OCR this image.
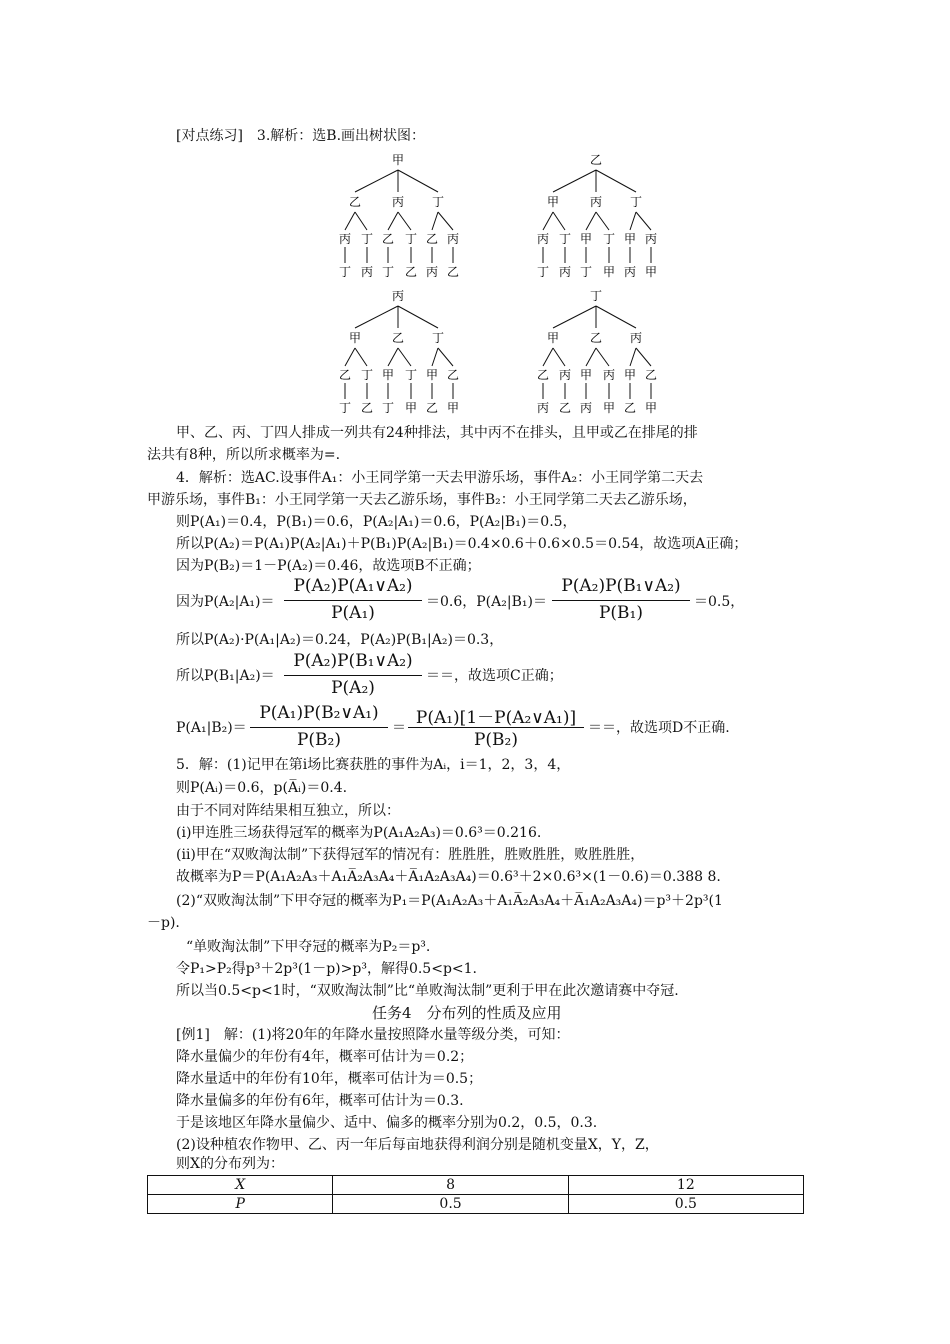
[对点练习]　3.解析：选B.画出树状图：
甲
乙	丙 丁
丙
丁
丁
丙
乙
丁
丁
乙
乙
丙
丙
乙
乙
甲	丙 丁
丙
丁
丁
丙
甲
丁
丁
甲
甲
丙
丙
甲
丙
甲	乙 丁
乙
丁
丁
乙
甲
丁
丁
甲
甲
乙
乙
甲
丁
甲	乙 丙
乙
丙
丙
乙
甲
丙
丙
甲
甲
乙
乙
甲
甲、乙、丙、丁四人排成一列共有24种排法，其中丙不在排头，且甲或乙在排尾的排
法共有8种，所以所求概率为=.
4．解析：选AC.设事件A₁：小王同学第一天去甲游乐场，事件A₂：小王同学第二天去
甲游乐场，事件B₁：小王同学第一天去乙游乐场，事件B₂：小王同学第二天去乙游乐场，
则P(A₁)＝0.4，P(B₁)＝0.6，P(A₂|A₁)＝0.6，P(A₂|B₁)＝0.5，
所以P(A₂)＝P(A₁)P(A₂|A₁)＋P(B₁)P(A₂|B₁)＝0.4×0.6＋0.6×0.5＝0.54，故选项A正确；
因为P(B₂)＝1－P(A₂)＝0.46，故选项B不正确；
因为P(A₂|A₁)＝
P(A₂)P(A₁∨A₂)
P(A₁)
＝0.6，P(A₂|B₁)＝
P(A₂)P(B₁∨A₂)
P(B₁)
＝0.5，
所以P(A₂)·P(A₁|A₂)＝0.24，P(A₂)P(B₁|A₂)＝0.3，
所以P(B₁|A₂)＝
P(A₂)P(B₁∨A₂)
P(A₂)
＝＝，故选项C正确；
P(A₁|B₂)＝
P(A₁)P(B₂∨A₁)
P(B₂)
＝ P(A₁)[1－P(A₂∨A₁)]
P(B₂)
＝＝，故选项D不正确.
5．解：(1)记甲在第i场比赛获胜的事件为Aᵢ，i＝1，2，3，4，
则P(Aᵢ)＝0.6，p(A̅ᵢ)＝0.4.
由于不同对阵结果相互独立，所以：
(ⅰ)甲连胜三场获得冠军的概率为P(A₁A₂A₃)＝0.6³＝0.216.
(ⅱ)甲在“双败淘汰制”下获得冠军的情况有：胜胜胜，胜败胜胜，败胜胜胜，
故概率为P＝P(A₁A₂A₃＋A₁A̅₂A₃A₄＋A̅₁A₂A₃A₄)＝0.6³＋2×0.6³×(1－0.6)＝0.388 8.
(2)“双败淘汰制”下甲夺冠的概率为P₁＝P(A₁A₂A₃＋A₁A̅₂A₃A₄＋A̅₁A₂A₃A₄)＝p³＋2p³(1
－p).
“单败淘汰制”下甲夺冠的概率为P₂＝p³.
令P₁>P₂得p³＋2p³(1－p)>p³，解得0.5<p<1.
所以当0.5<p<1时，“双败淘汰制”比“单败淘汰制”更利于甲在此次邀请赛中夺冠.
任务4　分布列的性质及应用
[例1]　解：(1)将20年的年降水量按照降水量等级分类，可知：
降水量偏少的年份有4年，概率可估计为＝0.2；
降水量适中的年份有10年，概率可估计为＝0.5；
降水量偏多的年份有6年，概率可估计为＝0.3.
于是该地区年降水量偏少、适中、偏多的概率分别为0.2，0.5，0.3.
(2)设种植农作物甲、乙、丙一年后每亩地获得利润分别是随机变量X，Y，Z，
则X的分布列为：
X	8	12
P	0.5	0.5
